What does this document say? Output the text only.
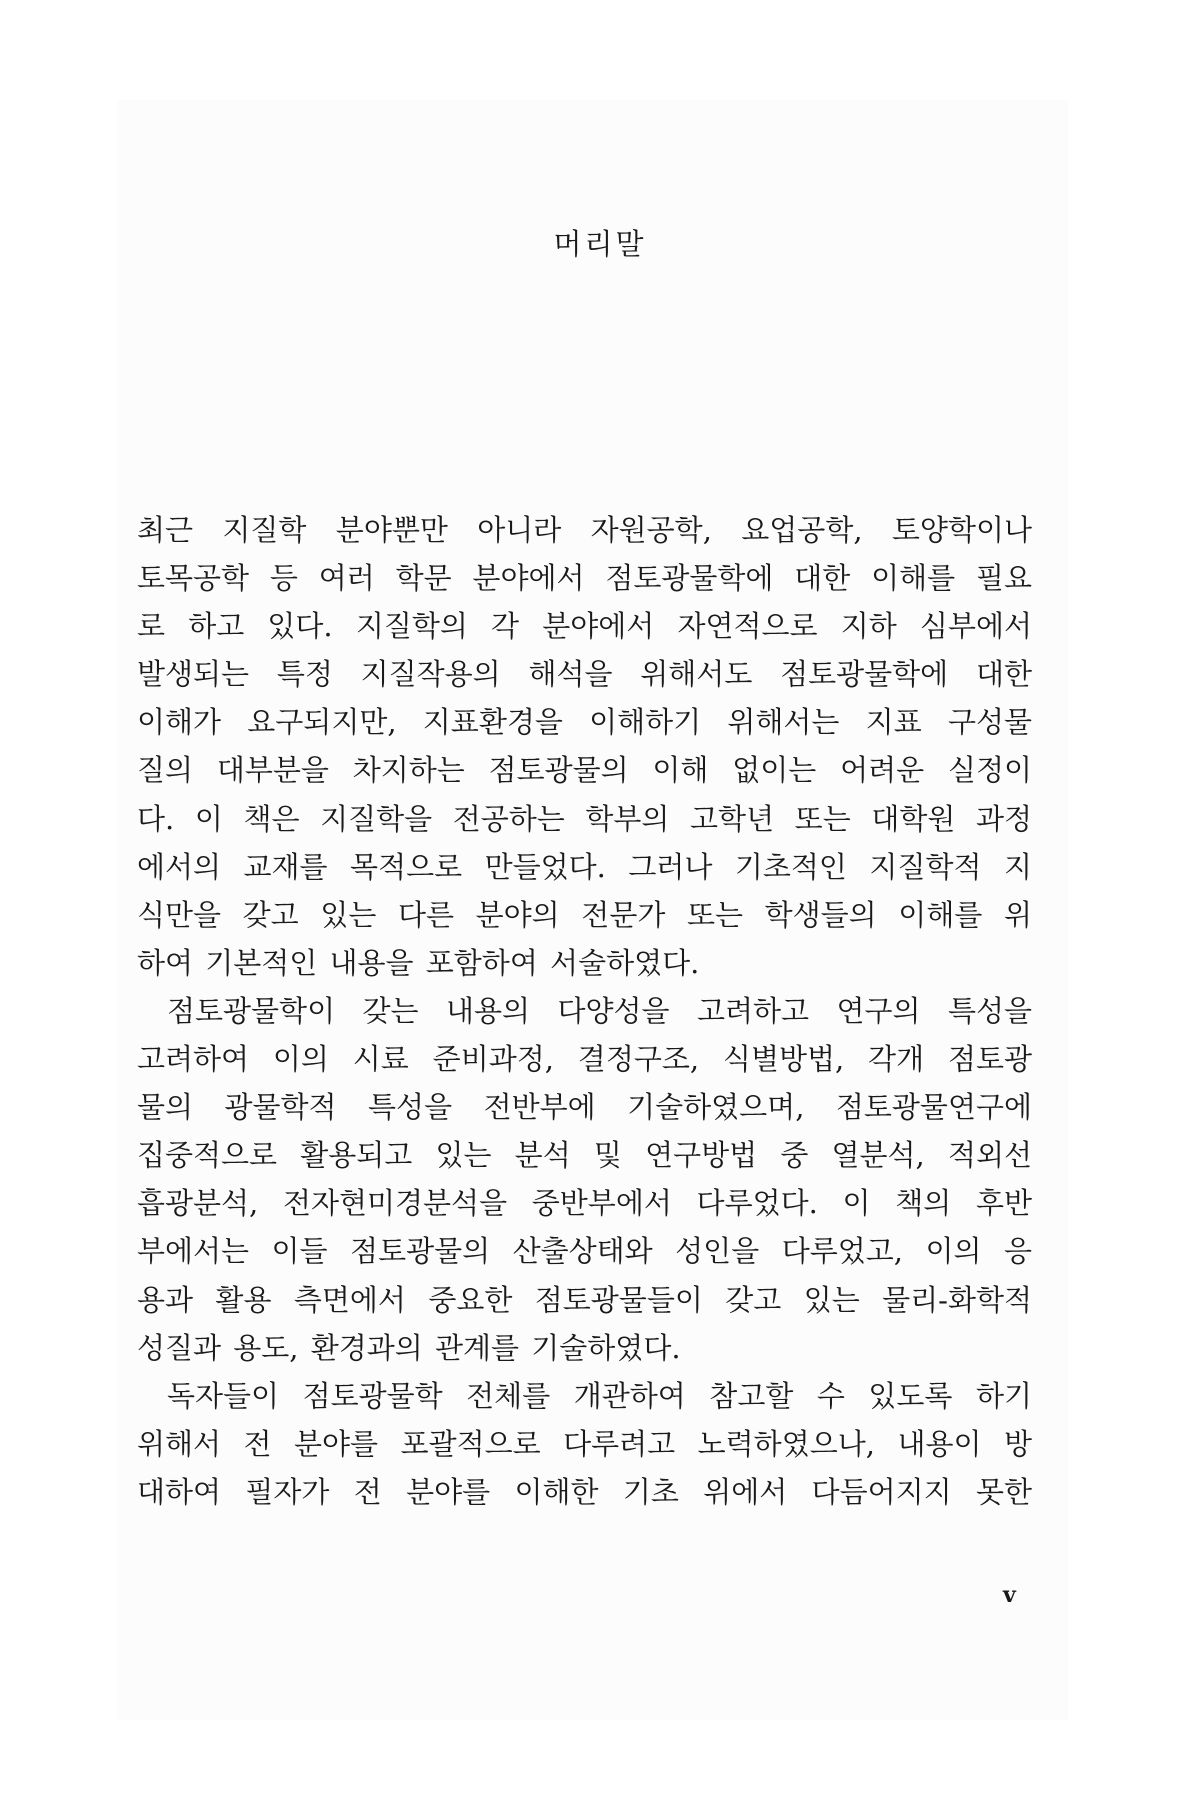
머리말
최근 지질학 분야뿐만 아니라 자원공학, 요업공학, 토양학이나
토목공학 등 여러 학문 분야에서 점토광물학에 대한 이해를 필요
로 하고 있다. 지질학의 각 분야에서 자연적으로 지하 심부에서
발생되는 특정 지질작용의 해석을 위해서도 점토광물학에 대한
이해가 요구되지만, 지표환경을 이해하기 위해서는 지표 구성물
질의 대부분을 차지하는 점토광물의 이해 없이는 어려운 실정이
다. 이 책은 지질학을 전공하는 학부의 고학년 또는 대학원 과정
에서의 교재를 목적으로 만들었다. 그러나 기초적인 지질학적 지
식만을 갖고 있는 다른 분야의 전문가 또는 학생들의 이해를 위
하여 기본적인 내용을 포함하여 서술하였다.
점토광물학이 갖는 내용의 다양성을 고려하고 연구의 특성을
고려하여 이의 시료 준비과정, 결정구조, 식별방법, 각개 점토광
물의 광물학적 특성을 전반부에 기술하였으며, 점토광물연구에
집중적으로 활용되고 있는 분석 및 연구방법 중 열분석, 적외선
흡광분석, 전자현미경분석을 중반부에서 다루었다. 이 책의 후반
부에서는 이들 점토광물의 산출상태와 성인을 다루었고, 이의 응
용과 활용 측면에서 중요한 점토광물들이 갖고 있는 물리-화학적
성질과 용도, 환경과의 관계를 기술하였다.
독자들이 점토광물학 전체를 개관하여 참고할 수 있도록 하기
위해서 전 분야를 포괄적으로 다루려고 노력하였으나, 내용이 방
대하여 필자가 전 분야를 이해한 기초 위에서 다듬어지지 못한
v
